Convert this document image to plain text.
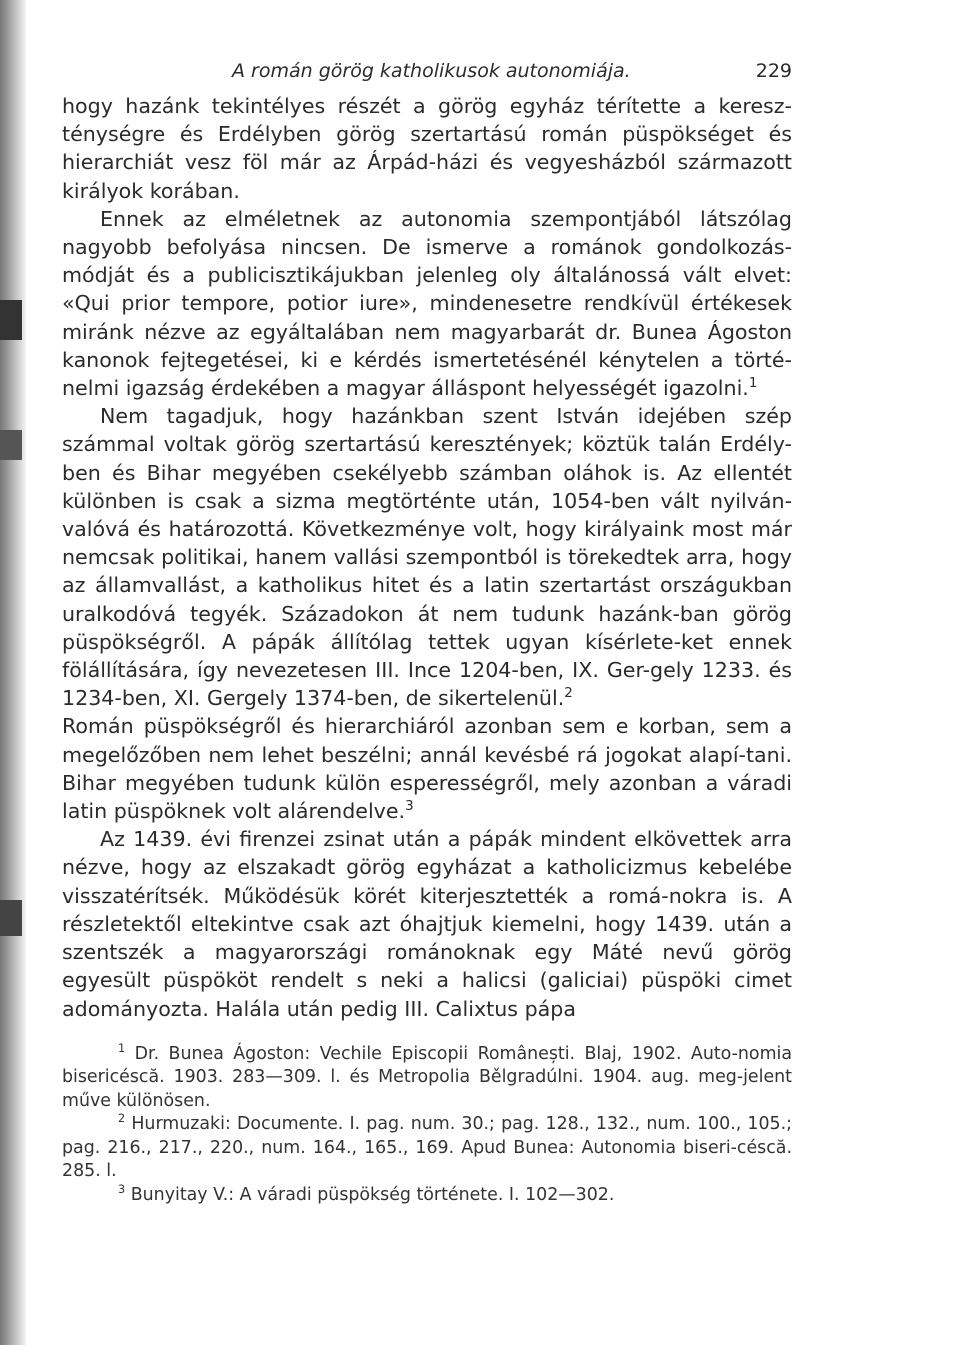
A román görög katholikusok autonomiája.	229

hogy hazánk tekintélyes részét a görög egyház térítette a keresz-ténységre és Erdélyben görög szertartású román püspökséget és hierarchiát vesz föl már az Árpád-házi és vegyesházból származott királyok korában.

Ennek az elméletnek az autonomia szempontjából látszólag nagyobb befolyása nincsen. De ismerve a románok gondolkozás-módját és a publicisztikájukban jelenleg oly általánossá vált elvet: «Qui prior tempore, potior iure», mindenesetre rendkívül értékesek miránk nézve az egyáltalában nem magyarbarát dr. Bunea Ágoston kanonok fejtegetései, ki e kérdés ismertetésénél kénytelen a törté-nelmi igazság érdekében a magyar álláspont helyességét igazolni.$^1$

Nem tagadjuk, hogy hazánkban szent István idejében szép számmal voltak görög szertartású keresztények; köztük talán Erdély-ben és Bihar megyében csekélyebb számban oláhok is. Az ellentét különben is csak a sizma megtörténte után, 1054-ben vált nyilván-valóvá és határozottá. Következménye volt, hogy királyaink most már nemcsak politikai, hanem vallási szempontból is törekedtek arra, hogy az államvallást, a katholikus hitet és a latin szertartást országukban uralkodóvá tegyék. Századokon át nem tudunk hazánk-ban görög püspökségről. A pápák állítólag tettek ugyan kísérlete-ket ennek fölállítására, így nevezetesen III. Ince 1204-ben, IX. Ger-gely 1233. és 1234-ben, XI. Gergely 1374-ben, de sikertelenül.$^2$

Román püspökségről és hierarchiáról azonban sem e korban, sem a megelőzőben nem lehet beszélni; annál kevésbé rá jogokat alapí-tani. Bihar megyében tudunk külön esperességről, mely azonban a váradi latin püspöknek volt alárendelve.$^3$

Az 1439. évi firenzei zsinat után a pápák mindent elkövettek arra nézve, hogy az elszakadt görög egyházat a katholicizmus kebelébe visszatérítsék. Működésük körét kiterjesztették a romá-nokra is. A részletektől eltekintve csak azt óhajtjuk kiemelni, hogy 1439. után a szentszék a magyarországi románoknak egy Máté nevű görög egyesült püspököt rendelt s neki a halicsi (galiciai) püspöki cimet adományozta. Halála után pedig III. Calixtus pápa

$^1$ Dr. Bunea Ágoston: Vechile Episcopii Românești. Blaj, 1902. Auto-nomia bisericéscă. 1903. 283—309. l. és Metropolia Bělgradúlni. 1904. aug. meg-jelent műve különösen.

$^2$ Hurmuzaki: Documente. I. pag. num. 30.; pag. 128., 132., num. 100., 105.; pag. 216., 217., 220., num. 164., 165., 169. Apud Bunea: Autonomia biseri-céscă. 285. l.

$^3$ Bunyitay V.: A váradi püspökség története. I. 102—302.
